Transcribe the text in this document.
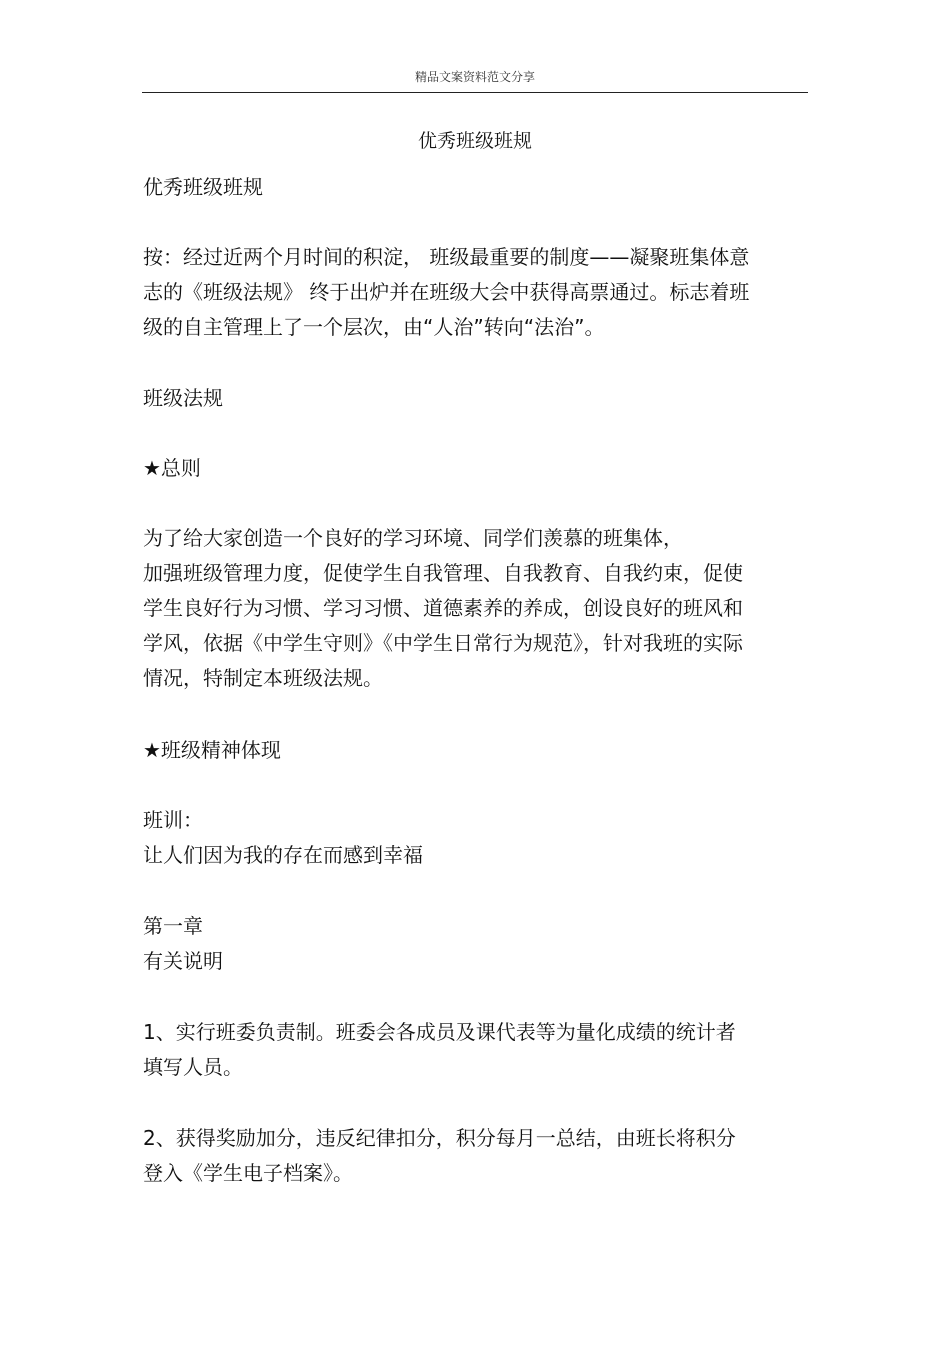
精品文案资料范文分享
优秀班级班规
优秀班级班规
按：经过近两个月时间的积淀， 班级最重要的制度——凝聚班集体意
志的《班级法规》 终于出炉并在班级大会中获得高票通过。标志着班
级的自主管理上了一个层次，由“人治”转向“法治”。
班级法规
★总则
为了给大家创造一个良好的学习环境、同学们羡慕的班集体，
加强班级管理力度，促使学生自我管理、自我教育、自我约束，促使
学生良好行为习惯、学习习惯、道德素养的养成，创设良好的班风和
学风，依据《中学生守则》《中学生日常行为规范》，针对我班的实际
情况，特制定本班级法规。
★班级精神体现
班训：
让人们因为我的存在而感到幸福
第一章
有关说明
1、实行班委负责制。班委会各成员及课代表等为量化成绩的统计者
填写人员。
2、获得奖励加分，违反纪律扣分，积分每月一总结，由班长将积分
登入《学生电子档案》。
